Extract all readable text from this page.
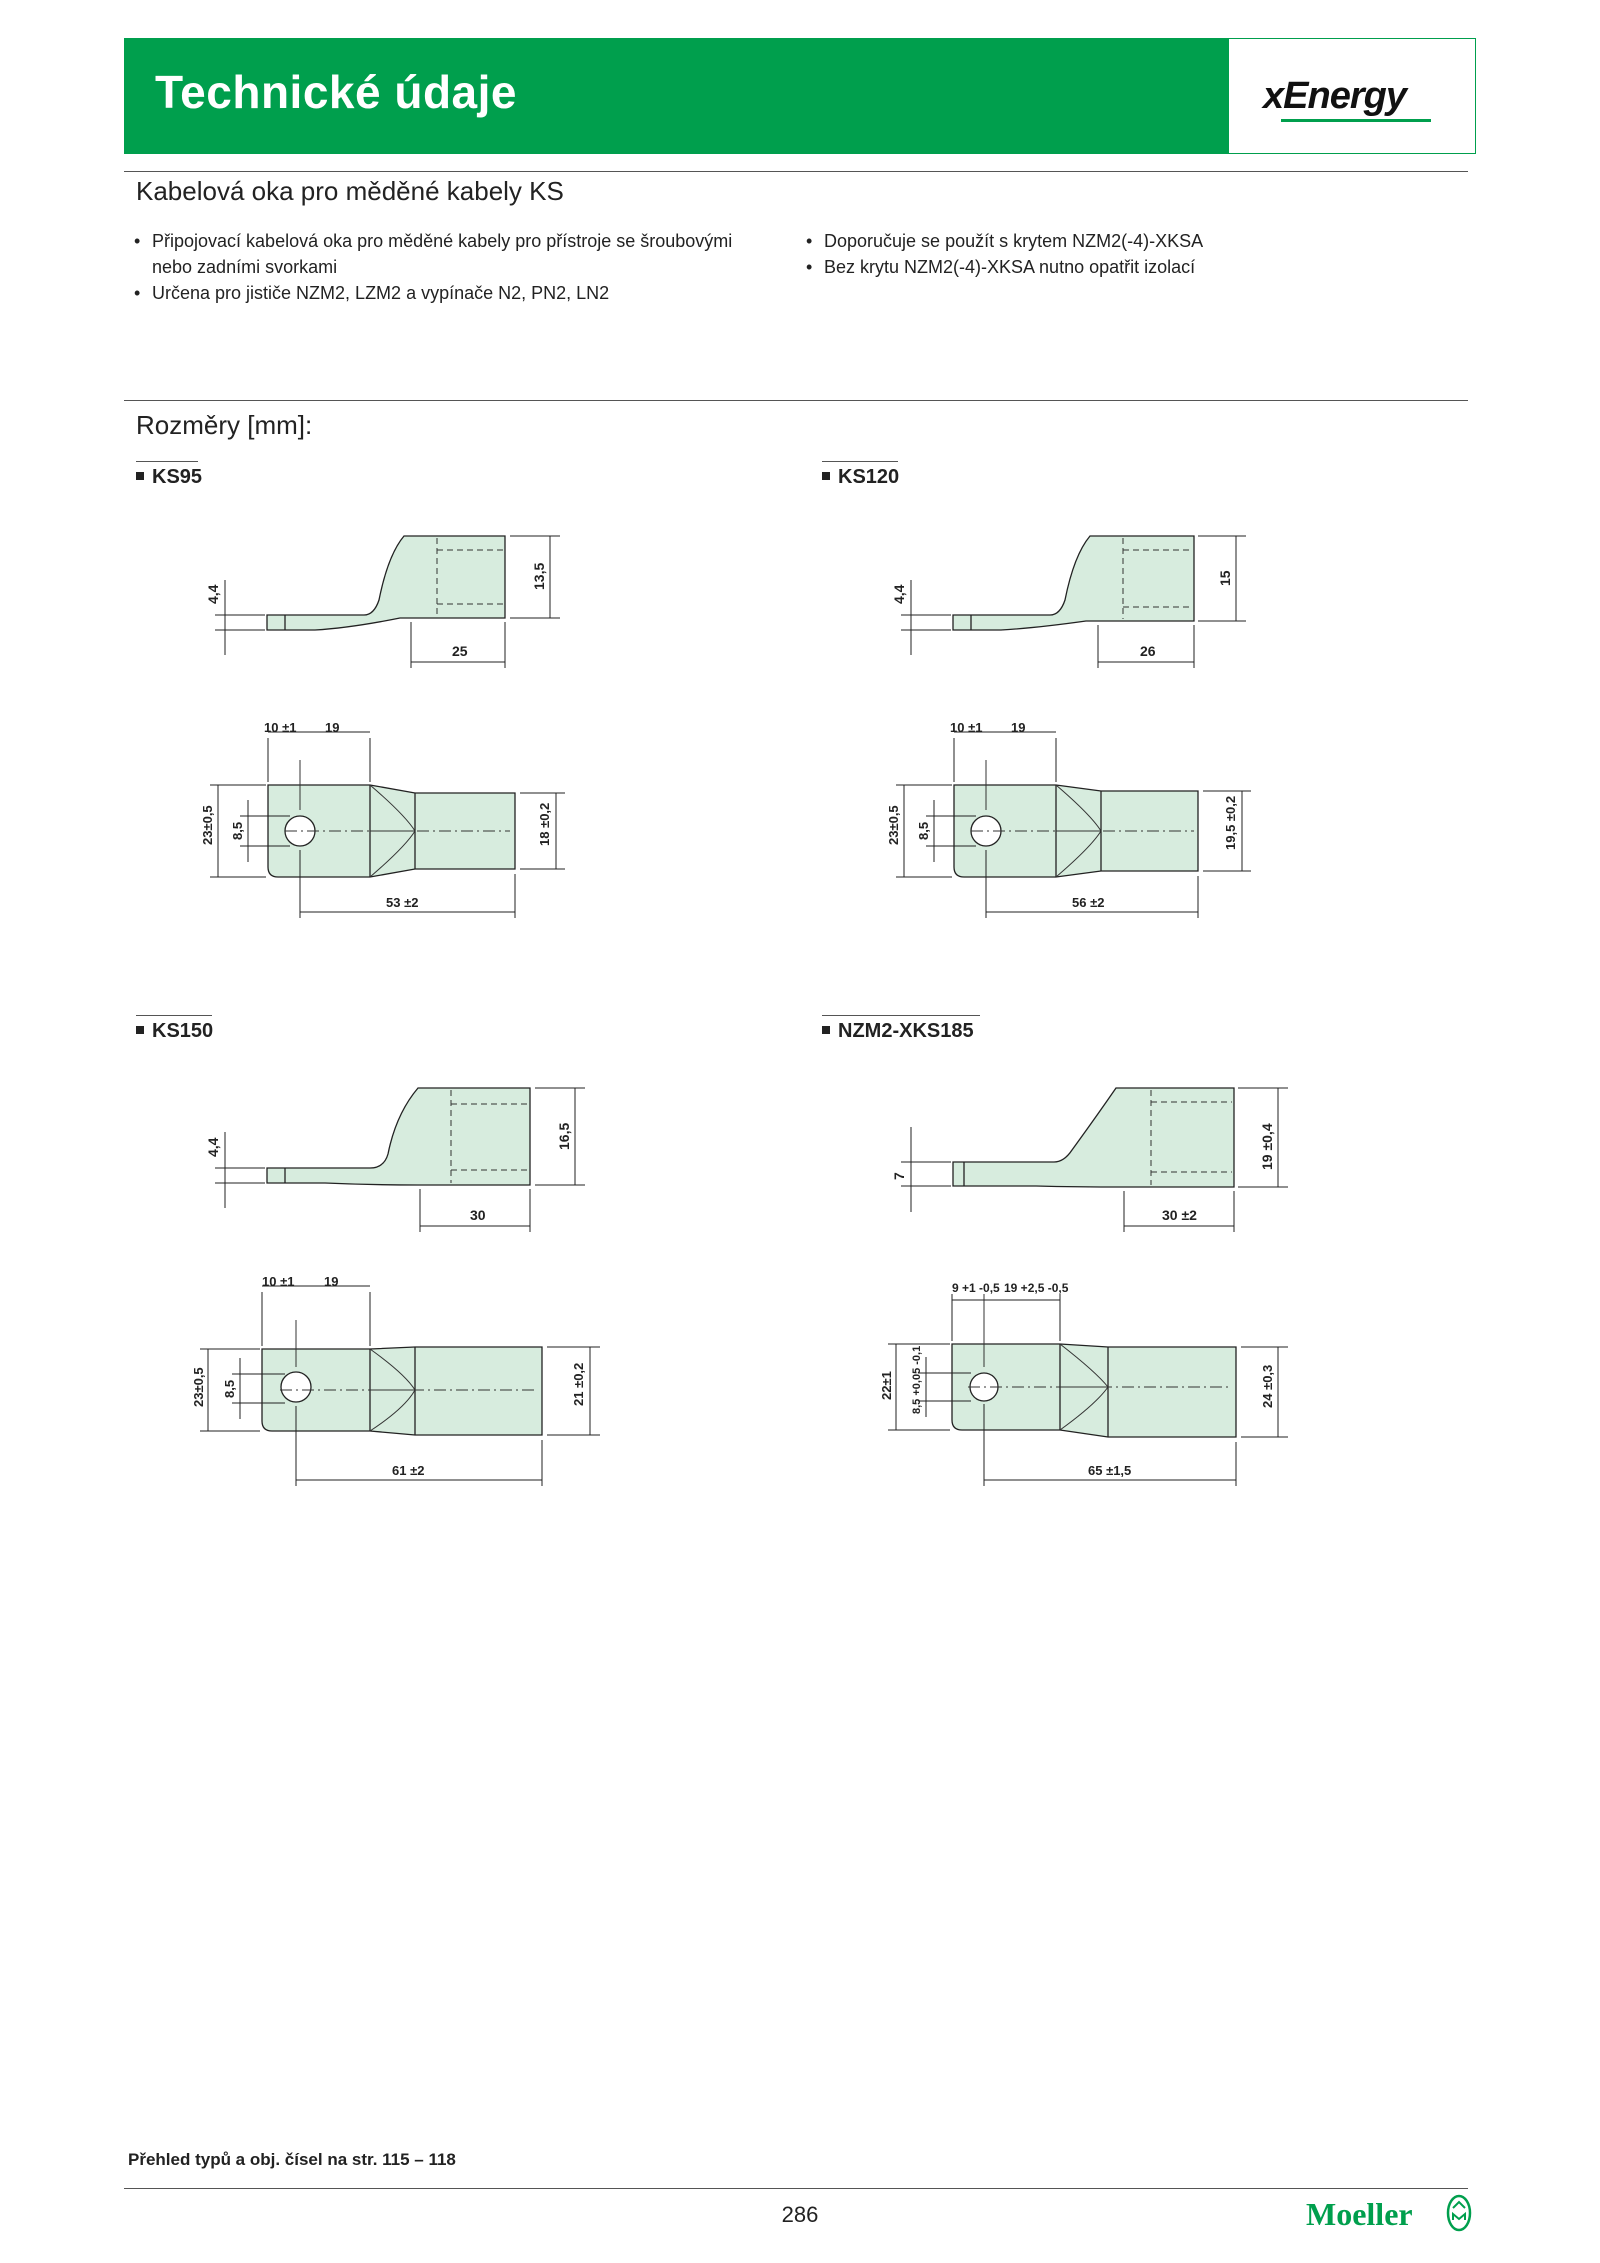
Technické údaje	xEnergy
Kabelová oka pro měděné kabely KS
• Připojovací kabelová oka pro měděné kabely pro přístroje se šroubovými
nebo zadními svorkami
• Určena pro jističe NZM2, LZM2 a vypínače N2, PN2, LN2
• Doporučuje se použít s krytem NZM2(-4)-XKSA
• Bez krytu NZM2(-4)-XKSA nutno opatřit izolací
Rozměry [mm]:
KS95	KS120
KS150	NZM2-XKS185
4,4
13,5
25
10 ±1 19
23±0,5 8,5	18 ±0,2
53 ±2
4,4
15
26
10 ±1 19
23±0,5 8,5	19,5 ±0,2
56 ±2
4,4	16,5
30
10 ±1 19
23±0,5 8,5	21 ±0,2
61 ±2
7
19 ±0,4
30 ±2
9 +1 -0,5 19 +2,5 -0,5
22±1 8,5 +0,05 -0,1	24 ±0,3
65 ±1,5
Přehled typů a obj. čísel na str. 115 – 118
286	Moeller
